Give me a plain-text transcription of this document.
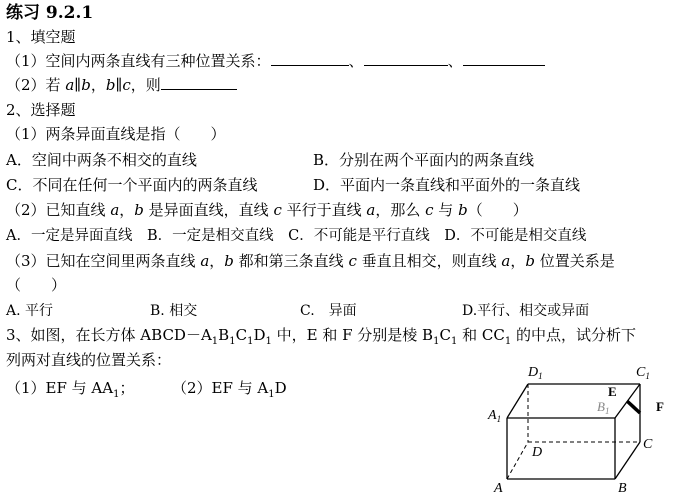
练习 9.2.1
1、填空题
（1）空间内两条直线有三种位置关系：	、	、
（2）若 a∥b，b∥c，则
2、选择题
（1）两条异面直线是指（　　）
A．空间中两条不相交的直线	B．分别在两个平面内的两条直线
C．不同在任何一个平面内的两条直线	D．平面内一条直线和平面外的一条直线
（2）已知直线 a，b 是异面直线，直线 c 平行于直线 a，那么 c 与 b（　　）
A．一定是异面直线　B．一定是相交直线　C．不可能是平行直线　D．不可能是相交直线
（3）已知在空间里两条直线 a，b 都和第三条直线 c 垂直且相交，则直线 a，b 位置关系是
（　　）
A. 平行	B. 相交	C.　异面	D.平行、相交或异面
3、如图，在长方体 $ABCD-A_1B_1C_1D_1$ 中，E 和 F 分别是棱 $B_1C_1$ 和 $CC_1$ 的中点，试分析下
列两对直线的位置关系：
（1）EF 与 $AA_1$；	（2）EF 与 $A_1D$
$D_1$	$C_1$
$A_1$
$B_1$
E
F
C
D
A	B
